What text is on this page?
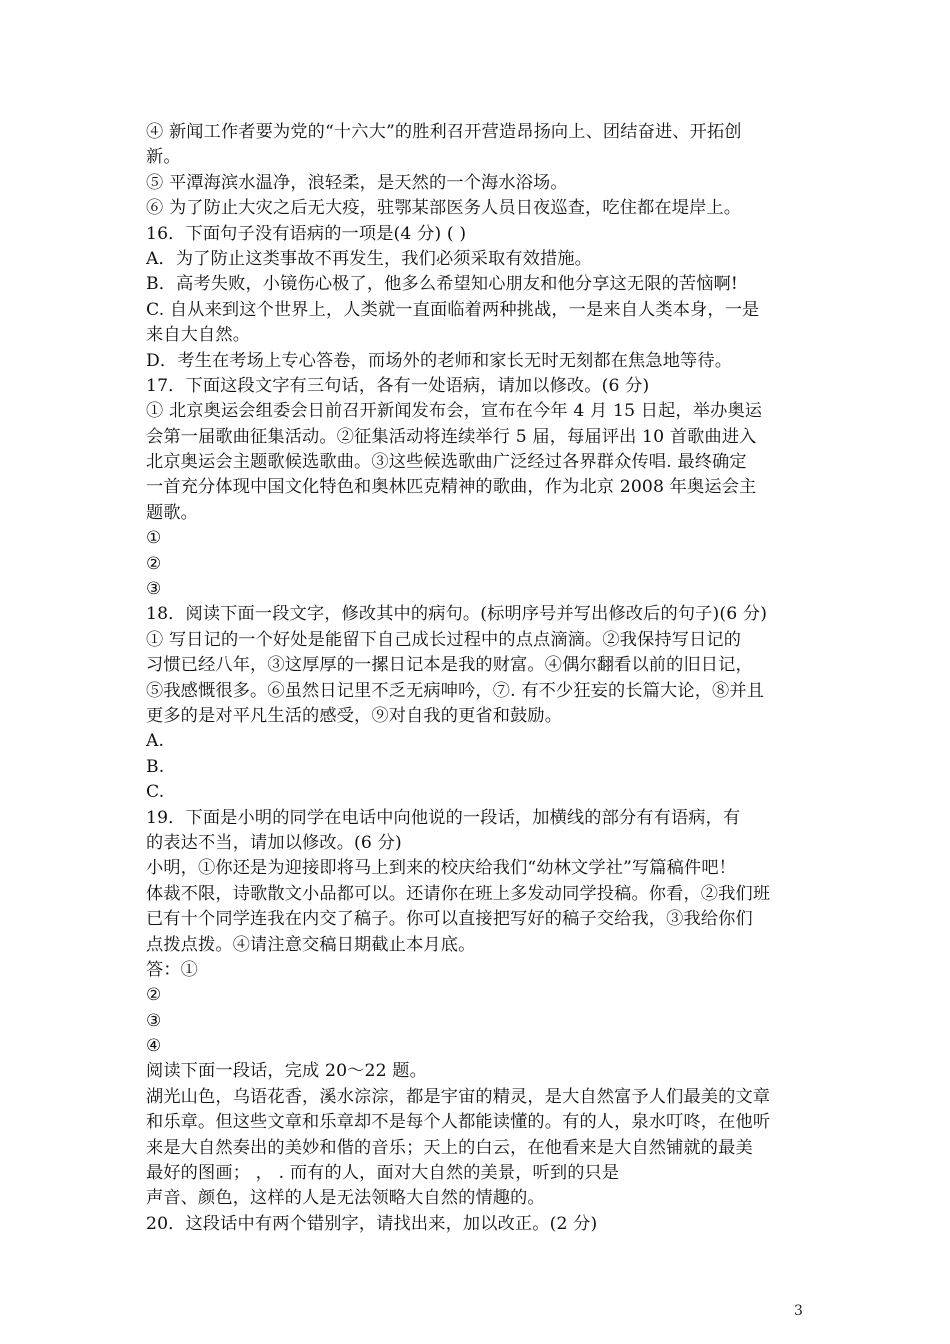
④ 新闻工作者要为党的“十六大”的胜利召开营造昂扬向上、团结奋进、开拓创
新。
⑤ 平潭海滨水温净，浪轻柔，是天然的一个海水浴场。
⑥ 为了防止大灾之后无大疫，驻鄂某部医务人员日夜巡查，吃住都在堤岸上。
16．下面句子没有语病的一项是(4 分) ( )
A．为了防止这类事故不再发生，我们必须采取有效措施。
B．高考失败，小镜伤心极了，他多么希望知心朋友和他分享这无限的苦恼啊!
C. 自从来到这个世界上，人类就一直面临着两种挑战，一是来自人类本身，一是
来自大自然。
D．考生在考场上专心答卷，而场外的老师和家长无时无刻都在焦急地等待。
17．下面这段文字有三句话，各有一处语病，请加以修改。(6 分)
① 北京奥运会组委会日前召开新闻发布会，宣布在今年 4 月 15 日起，举办奥运
会第一届歌曲征集活动。②征集活动将连续举行 5 届，每届评出 10 首歌曲进入
北京奥运会主题歌候选歌曲。③这些候选歌曲广泛经过各界群众传唱. 最终确定
一首充分体现中国文化特色和奥林匹克精神的歌曲，作为北京 2008 年奥运会主
题歌。
①
②
③
18．阅读下面一段文字，修改其中的病句。(标明序号并写出修改后的句子)(6 分)
① 写日记的一个好处是能留下自己成长过程中的点点滴滴。②我保持写日记的
习惯已经八年，③这厚厚的一摞日记本是我的财富。④偶尔翻看以前的旧日记，
⑤我感慨很多。⑥虽然日记里不乏无病呻吟，⑦. 有不少狂妄的长篇大论，⑧并且
更多的是对平凡生活的感受，⑨对自我的更省和鼓励。
A.
B.
C.
19．下面是小明的同学在电话中向他说的一段话，加横线的部分有有语病，有
的表达不当，请加以修改。(6 分)
小明，①你还是为迎接即将马上到来的校庆给我们“幼林文学社”写篇稿件吧！
体裁不限，诗歌散文小品都可以。还请你在班上多发动同学投稿。你看，②我们班
已有十个同学连我在内交了稿子。你可以直接把写好的稿子交给我，③我给你们
点拨点拨。④请注意交稿日期截止本月底。
答：①
②
③
④
阅读下面一段话，完成 20～22 题。
湖光山色，乌语花香，溪水淙淙，都是宇宙的精灵，是大自然富予人们最美的文章
和乐章。但这些文章和乐章却不是每个人都能读懂的。有的人，泉水叮咚，在他听
来是大自然奏出的美妙和偕的音乐；天上的白云，在他看来是大自然铺就的最美
最好的图画； ， . 而有的人，面对大自然的美景，听到的只是
声音、颜色，这样的人是无法领略大自然的情趣的。
20．这段话中有两个错别字，请找出来，加以改正。(2 分)
3
